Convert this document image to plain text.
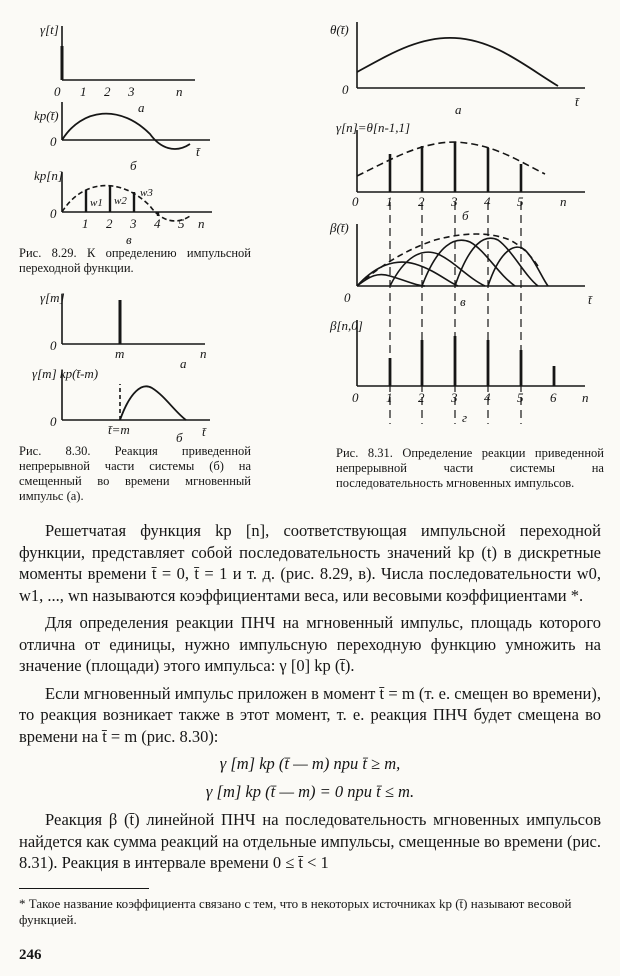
γ[t]
0 1 2 3	n
a
kp(t̄)
0
t̄
б
kp[n]
0
1 2 3 4 5 n
w1 w2
w3
в

Рис. 8.29. К определению импульсной переходной функции.

γ[m]
0
m	n
a
γ[m] kp(t̄-m)
0
t̄=m	t̄
б

Рис. 8.30. Реакция приведенной непрерывной части системы (б) на смещенный во времени мгновенный импульс (а).

θ(t̄)
0
t̄
a
γ[n]=θ[n-1,1]
0 1 2 3 4 5	n
б
β(t̄)
0	t̄
в
β[n,0]
0 1 2 3 4 5 6 n
г

Рис. 8.31. Определение реакции приведенной непрерывной части системы на последовательность мгновенных импульсов.

Решетчатая функция kр [n], соответствующая импульсной переходной функции, представляет собой последовательность значений kр (t) в дискретные моменты времени t̄ = 0, t̄ = 1 и т. д. (рис. 8.29, в). Числа последовательности w0, w1, ..., wn называются коэффициентами веса, или весовыми коэффициентами *.

Для определения реакции ПНЧ на мгновенный импульс, площадь которого отлична от единицы, нужно импульсную переходную функцию умножить на значение (площади) этого импульса: γ [0] kр (t̄).

Если мгновенный импульс приложен в момент t̄ = m (т. е. смещен во времени), то реакция возникает также в этот момент, т. е. реакция ПНЧ будет смещена во времени на t̄ = m (рис. 8.30):

γ [m] kр (t̄ — m) при t̄ ≥ m,

γ [m] kр (t̄ — m) = 0 при t̄ ≤ m.

Реакция β (t̄) линейной ПНЧ на последовательность мгновенных импульсов найдется как сумма реакций на отдельные импульсы, смещенные во времени (рис. 8.31). Реакция в интервале времени 0 ≤ t̄ < 1

* Такое название коэффициента связано с тем, что в некоторых источниках kр (t̄) называют весовой функцией.

246
